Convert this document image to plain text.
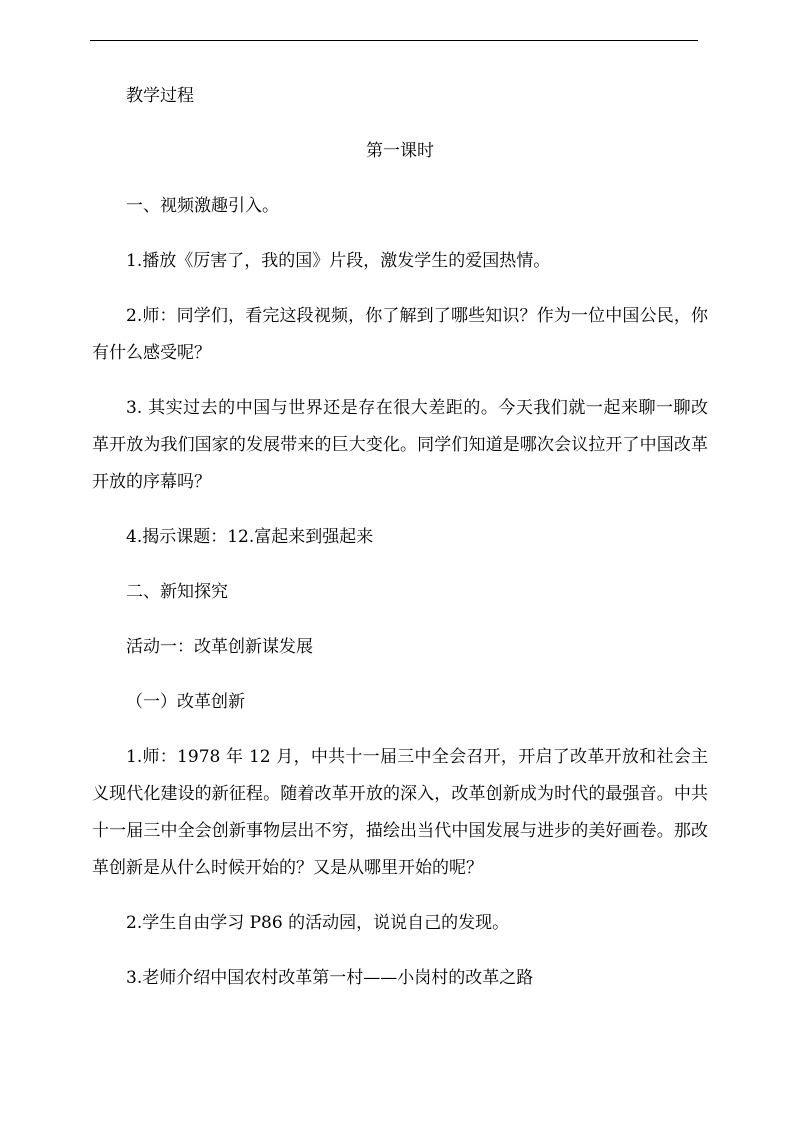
教学过程

第一课时

一、视频激趣引入。

1.播放《厉害了，我的国》片段，激发学生的爱国热情。

2.师：同学们，看完这段视频，你了解到了哪些知识？作为一位中国公民，你有什么感受呢？

3. 其实过去的中国与世界还是存在很大差距的。今天我们就一起来聊一聊改革开放为我们国家的发展带来的巨大变化。同学们知道是哪次会议拉开了中国改革开放的序幕吗？

4.揭示课题：12.富起来到强起来

二、新知探究

活动一：改革创新谋发展

（一）改革创新

1.师：1978 年 12 月，中共十一届三中全会召开，开启了改革开放和社会主义现代化建设的新征程。随着改革开放的深入，改革创新成为时代的最强音。中共十一届三中全会创新事物层出不穷，描绘出当代中国发展与进步的美好画卷。那改革创新是从什么时候开始的？又是从哪里开始的呢？

2.学生自由学习 P86 的活动园，说说自己的发现。

3.老师介绍中国农村改革第一村——小岗村的改革之路
